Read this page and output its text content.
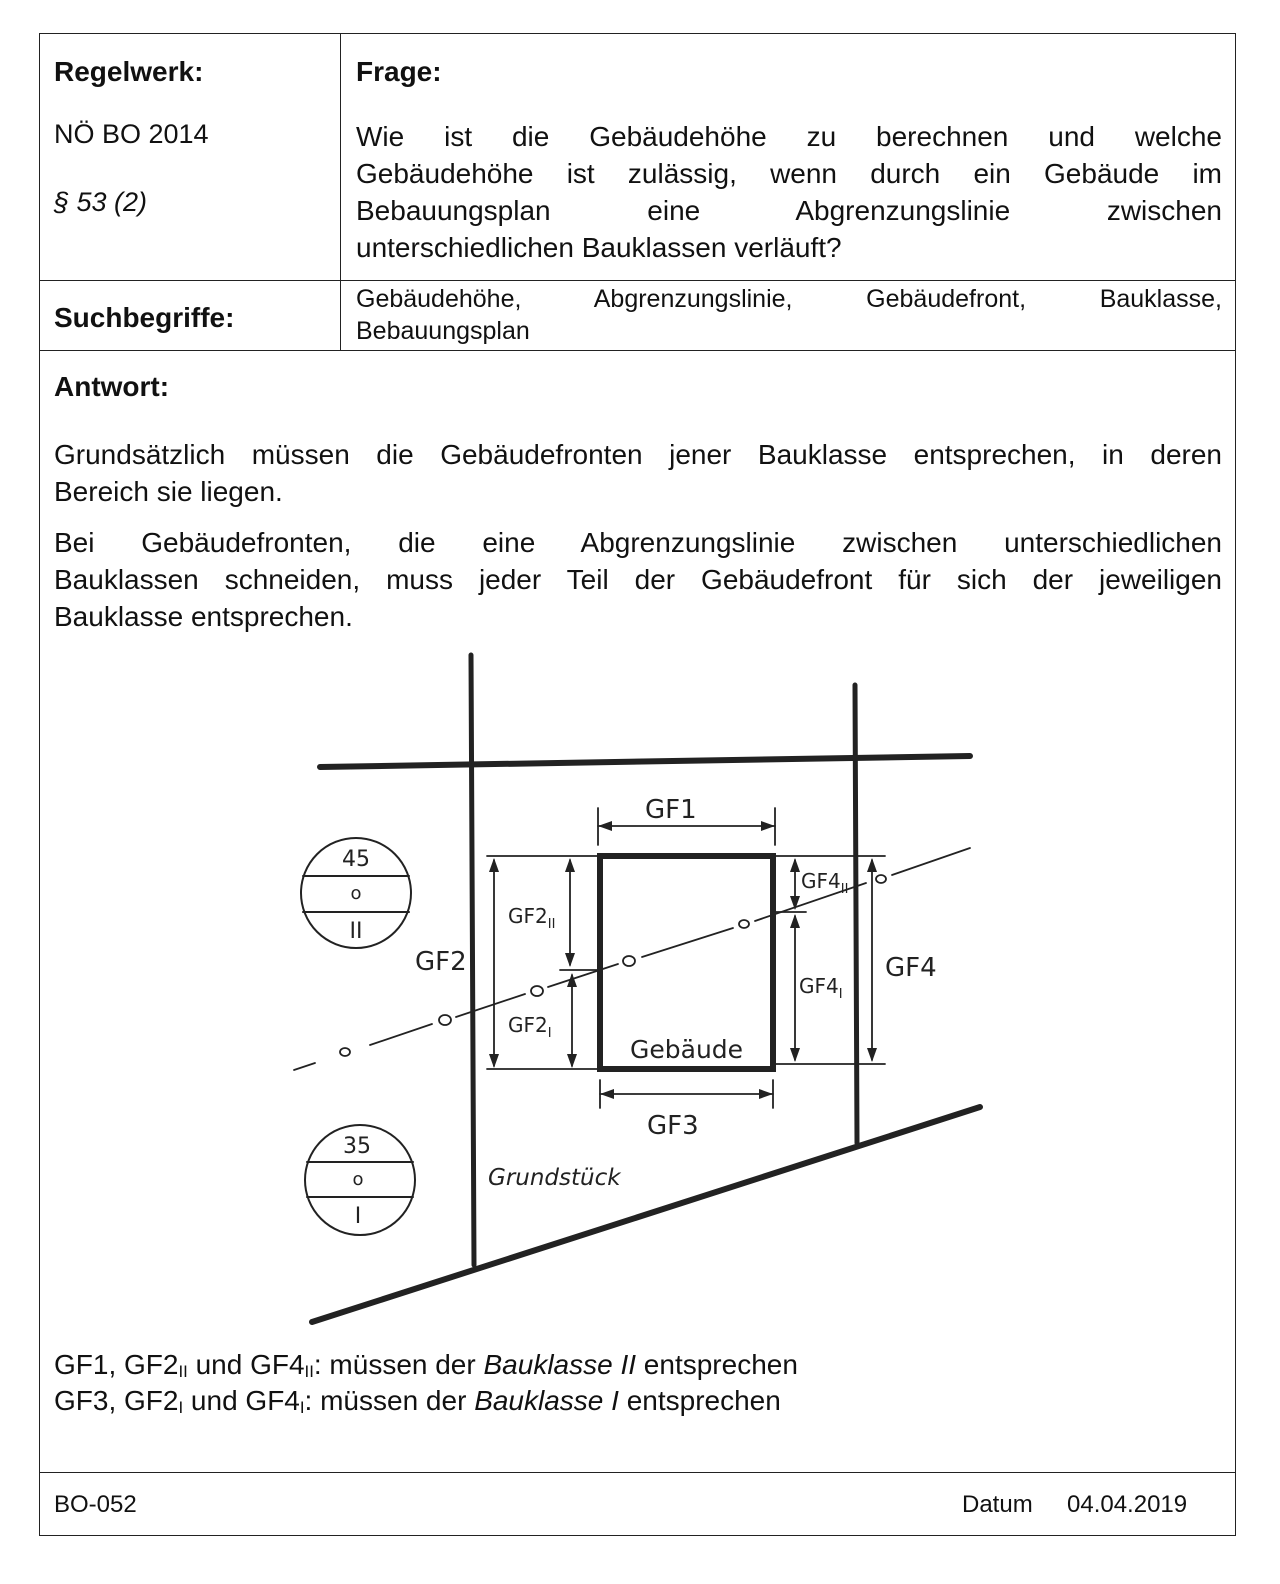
Regelwerk:
NÖ BO 2014
§ 53 (2)
Frage:
Wie ist die Gebäudehöhe zu berechnen und welche
Gebäudehöhe ist zulässig, wenn durch ein Gebäude im
Bebauungsplan eine Abgrenzungslinie zwischen
unterschiedlichen Bauklassen verläuft?
Suchbegriffe:
Gebäudehöhe, Abgrenzungslinie, Gebäudefront, Bauklasse,
Bebauungsplan
Antwort:
Grundsätzlich müssen die Gebäudefronten jener Bauklasse entsprechen, in deren
Bereich sie liegen.
Bei Gebäudefronten, die eine Abgrenzungslinie zwischen unterschiedlichen
Bauklassen schneiden, muss jeder Teil der Gebäudefront für sich der jeweiligen
Bauklasse entsprechen.
GF1, $GF2_{II}$ und $GF4_{II}$: müssen der Bauklasse II entsprechen
GF3, $GF2_I$ und $GF4_I$: müssen der Bauklasse I entsprechen
BO-052	Datum 04.04.2019
GF1
GF3
GF2	GF4
Gebäude
Grundstück
$GF2_{II}$
$GF2_I$
$GF4_{II}$
$GF4_I$
45
o
II
35
o
I
